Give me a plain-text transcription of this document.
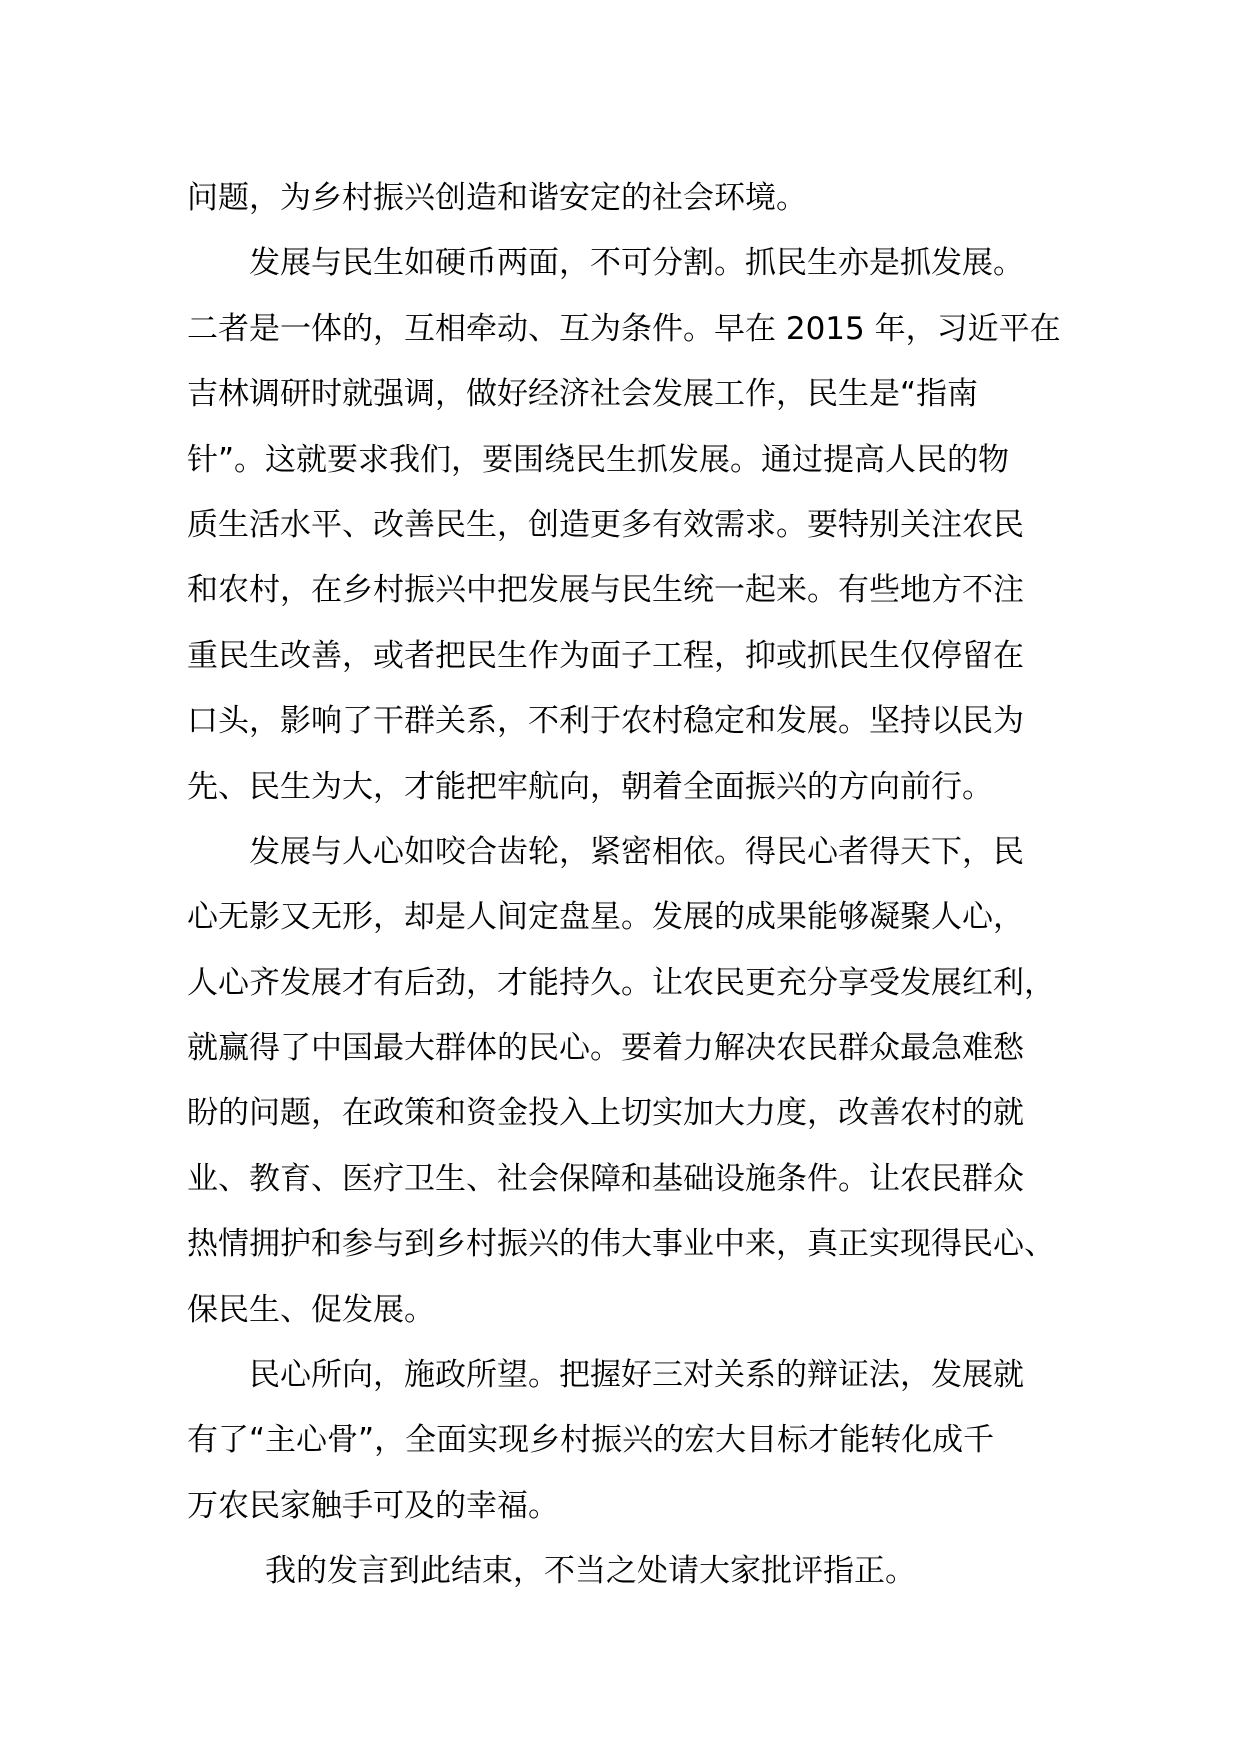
问题，为乡村振兴创造和谐安定的社会环境。
发展与民生如硬币两面，不可分割。抓民生亦是抓发展。
二者是一体的，互相牵动、互为条件。早在 2015 年，习近平在
吉林调研时就强调，做好经济社会发展工作，民生是“指南
针”。这就要求我们，要围绕民生抓发展。通过提高人民的物
质生活水平、改善民生，创造更多有效需求。要特别关注农民
和农村，在乡村振兴中把发展与民生统一起来。有些地方不注
重民生改善，或者把民生作为面子工程，抑或抓民生仅停留在
口头，影响了干群关系，不利于农村稳定和发展。坚持以民为
先、民生为大，才能把牢航向，朝着全面振兴的方向前行。
发展与人心如咬合齿轮，紧密相依。得民心者得天下，民
心无影又无形，却是人间定盘星。发展的成果能够凝聚人心，
人心齐发展才有后劲，才能持久。让农民更充分享受发展红利，
就赢得了中国最大群体的民心。要着力解决农民群众最急难愁
盼的问题，在政策和资金投入上切实加大力度，改善农村的就
业、教育、医疗卫生、社会保障和基础设施条件。让农民群众
热情拥护和参与到乡村振兴的伟大事业中来，真正实现得民心、
保民生、促发展。
民心所向，施政所望。把握好三对关系的辩证法，发展就
有了“主心骨”，全面实现乡村振兴的宏大目标才能转化成千
万农民家触手可及的幸福。
我的发言到此结束，不当之处请大家批评指正。
